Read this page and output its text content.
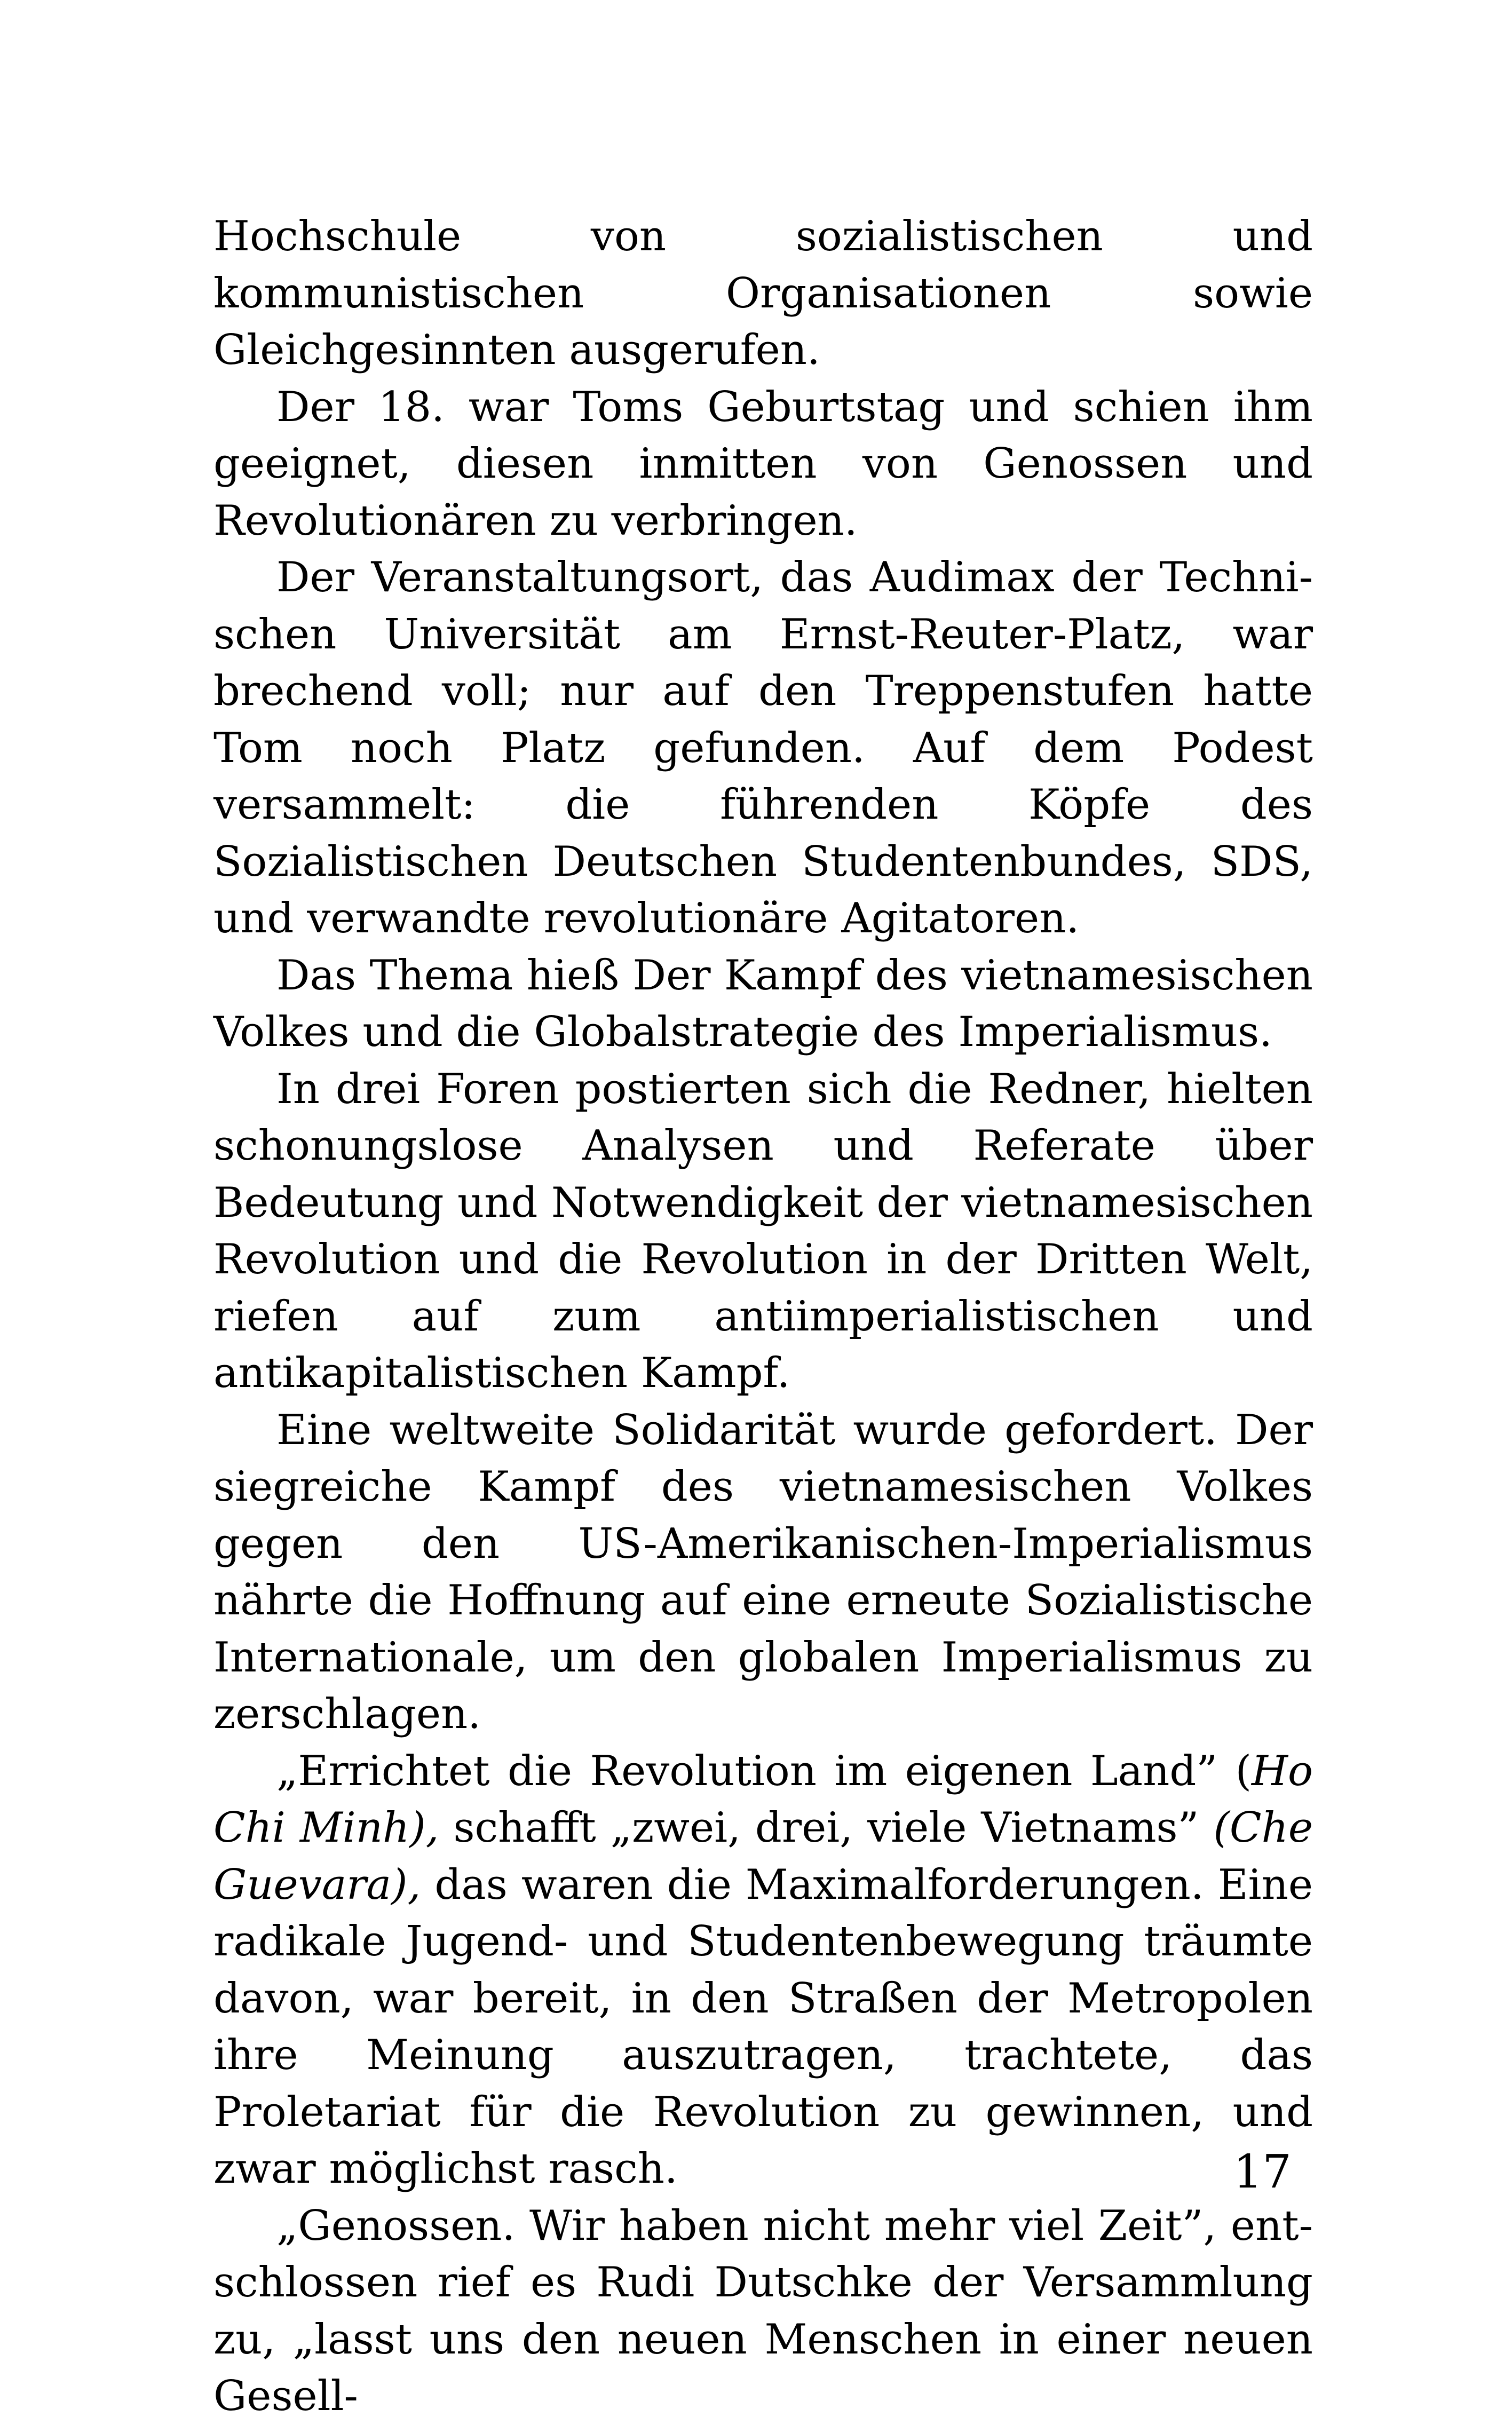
Hochschule von sozialistischen und kommunistischen Organisationen sowie Gleichgesinnten ausgerufen.

Der 18. war Toms Geburtstag und schien ihm geeignet, diesen inmitten von Genossen und Revolutionären zu verbringen.

Der Veranstaltungsort, das Audimax der Technischen Universität am Ernst-Reuter-Platz, war brechend voll; nur auf den Treppenstufen hatte Tom noch Platz gefunden. Auf dem Podest versammelt: die führenden Köpfe des Sozialistischen Deutschen Studentenbundes, SDS, und verwandte revolutionäre Agitatoren.

Das Thema hieß Der Kampf des vietnamesischen Volkes und die Globalstrategie des Imperialismus.

In drei Foren postierten sich die Redner, hielten schonungslose Analysen und Referate über Bedeutung und Notwendigkeit der vietnamesischen Revolution und die Revolution in der Dritten Welt, riefen auf zum antiimperialistischen und antikapitalistischen Kampf.

Eine weltweite Solidarität wurde gefordert. Der siegreiche Kampf des vietnamesischen Volkes gegen den US-Amerikanischen-Imperialismus nährte die Hoffnung auf eine erneute Sozialistische Internationale, um den globalen Imperialismus zu zerschlagen.

„Errichtet die Revolution im eigenen Land” (Ho Chi Minh), schafft „zwei, drei, viele Vietnams” (Che Guevara), das waren die Maximalforderungen. Eine radikale Jugend- und Studentenbewegung träumte davon, war bereit, in den Straßen der Metropolen ihre Meinung auszutragen, trachtete, das Proletariat für die Revolution zu gewinnen, und zwar möglichst rasch.

„Genossen. Wir haben nicht mehr viel Zeit”, entschlossen rief es Rudi Dutschke der Versammlung zu, „lasst uns den neuen Menschen in einer neuen Gesell-

17
